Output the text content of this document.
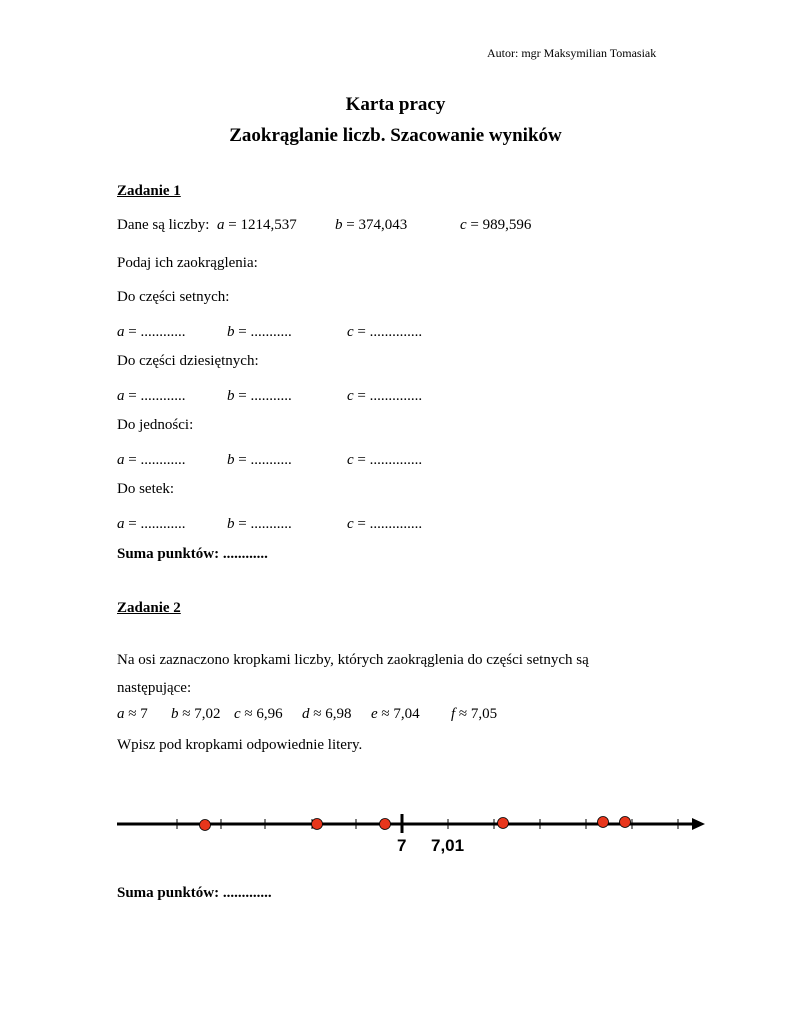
Autor: mgr Maksymilian Tomasiak
Karta pracy
Zaokrąglanie liczb. Szacowanie wyników
Zadanie 1
Dane są liczby: a = 1214,537	b = 374,043	c = 989,596
Podaj ich zaokrąglenia:
Do części setnych:
a = ............	b = ...........	c = ..............
Do części dziesiętnych:
a = ............	b = ...........	c = ..............
Do jedności:
a = ............	b = ...........	c = ..............
Do setek:
a = ............	b = ...........	c = ..............
Suma punktów: ............
Zadanie 2
Na osi zaznaczono kropkami liczby, których zaokrąglenia do części setnych są
następujące:
a ≈ 7 b ≈ 7,02 c ≈ 6,96 d ≈ 6,98 e ≈ 7,04 f ≈ 7,05
Wpisz pod kropkami odpowiednie litery.
7 7,01
Suma punktów: .............
